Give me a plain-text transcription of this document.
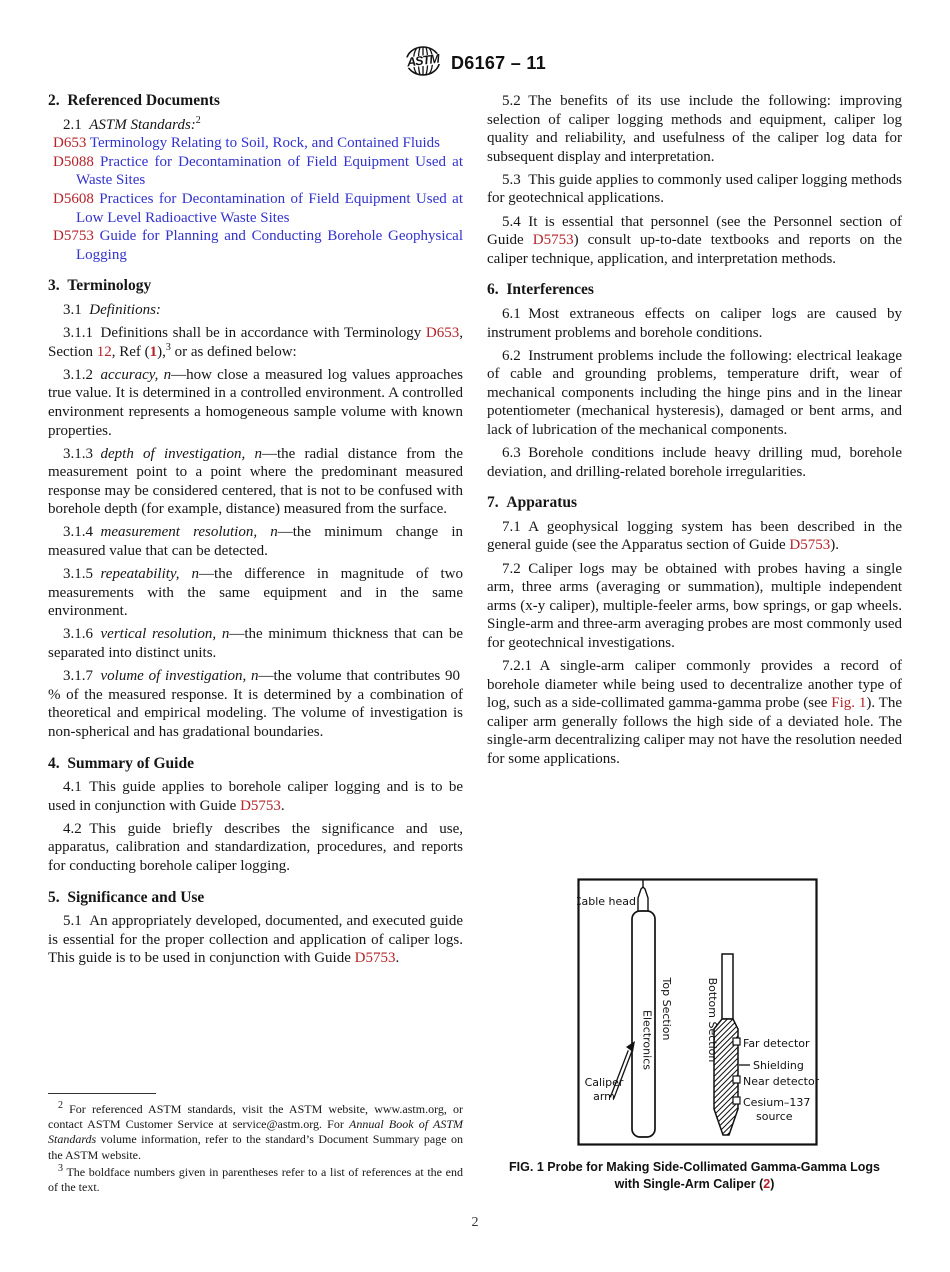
ASTM D6167 – 11
2. Referenced Documents

2.1 ASTM Standards:$^2$

D653 Terminology Relating to Soil, Rock, and Contained Fluids

D5088 Practice for Decontamination of Field Equipment Used at Waste Sites

D5608 Practices for Decontamination of Field Equipment Used at Low Level Radioactive Waste Sites

D5753 Guide for Planning and Conducting Borehole Geophysical Logging

3. Terminology

3.1 Definitions:

3.1.1 Definitions shall be in accordance with Terminology D653, Section 12, Ref (1),$^3$ or as defined below:

3.1.2 accuracy, n—how close a measured log values approaches true value. It is determined in a controlled environment. A controlled environment represents a homogeneous sample volume with known properties.

3.1.3 depth of investigation, n—the radial distance from the measurement point to a point where the predominant measured response may be considered centered, that is not to be confused with borehole depth (for example, distance) measured from the surface.

3.1.4 measurement resolution, n—the minimum change in measured value that can be detected.

3.1.5 repeatability, n—the difference in magnitude of two measurements with the same equipment and in the same environment.

3.1.6 vertical resolution, n—the minimum thickness that can be separated into distinct units.

3.1.7 volume of investigation, n—the volume that contributes 90 % of the measured response. It is determined by a combination of theoretical and empirical modeling. The volume of investigation is non-spherical and has gradational boundaries.

4. Summary of Guide

4.1 This guide applies to borehole caliper logging and is to be used in conjunction with Guide D5753.

4.2 This guide briefly describes the significance and use, apparatus, calibration and standardization, procedures, and reports for conducting borehole caliper logging.

5. Significance and Use

5.1 An appropriately developed, documented, and executed guide is essential for the proper collection and application of caliper logs. This guide is to be used in conjunction with Guide D5753.

5.2 The benefits of its use include the following: improving selection of caliper logging methods and equipment, caliper log quality and reliability, and usefulness of the caliper log data for subsequent display and interpretation.

5.3 This guide applies to commonly used caliper logging methods for geotechnical applications.

5.4 It is essential that personnel (see the Personnel section of Guide D5753) consult up-to-date textbooks and reports on the caliper technique, application, and interpretation methods.

6. Interferences

6.1 Most extraneous effects on caliper logs are caused by instrument problems and borehole conditions.

6.2 Instrument problems include the following: electrical leakage of cable and grounding problems, temperature drift, wear of mechanical components including the hinge pins and in the linear potentiometer (mechanical hysteresis), damaged or bent arms, and lack of lubrication of the mechanical components.

6.3 Borehole conditions include heavy drilling mud, borehole deviation, and drilling-related borehole irregularities.

7. Apparatus

7.1 A geophysical logging system has been described in the general guide (see the Apparatus section of Guide D5753).

7.2 Caliper logs may be obtained with probes having a single arm, three arms (averaging or summation), multiple independent arms (x-y caliper), multiple-feeler arms, bow springs, or gap wheels. Single-arm and three-arm averaging probes are most commonly used for geotechnical investigations.

7.2.1 A single-arm caliper commonly provides a record of borehole diameter while being used to decentralize another type of log, such as a side-collimated gamma-gamma probe (see Fig. 1). The caliper arm generally follows the high side of a deviated hole. The single-arm decentralizing caliper may not have the resolution needed for some applications.

$^2$ For referenced ASTM standards, visit the ASTM website, www.astm.org, or contact ASTM Customer Service at service@astm.org. For Annual Book of ASTM Standards volume information, refer to the standard’s Document Summary page on the ASTM website.

$^3$ The boldface numbers given in parentheses refer to a list of references at the end of the text.

Cable head
Top Section
Electronics
Caliper
arm
Bottom Section Far detector
Shielding
Near detector
Cesium–137
source
FIG. 1 Probe for Making Side-Collimated Gamma-Gamma Logs
with Single-Arm Caliper (2)
2
